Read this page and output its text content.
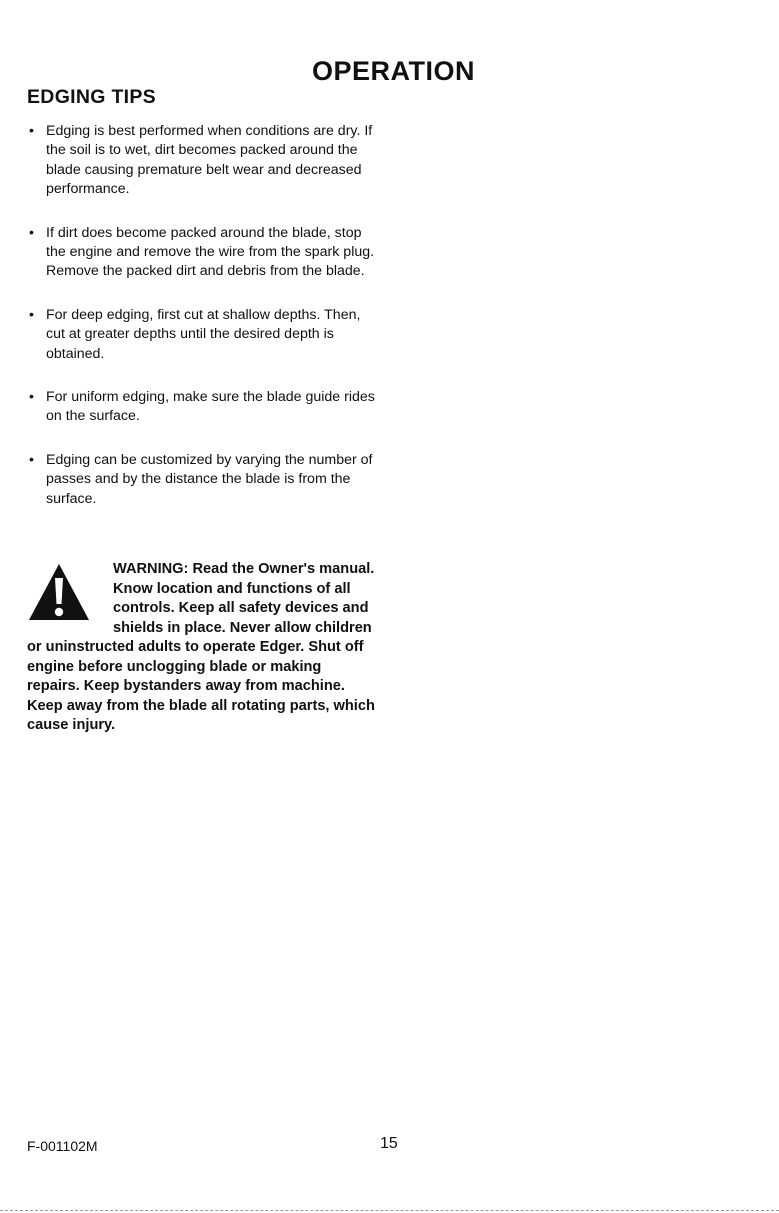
OPERATION
EDGING TIPS
• Edging is best performed when conditions are dry. If the soil is to wet, dirt becomes packed around the blade causing premature belt wear and decreased performance.
• If dirt does become packed around the blade, stop the engine and remove the wire from the spark plug. Remove the packed dirt and debris from the blade.
• For deep edging, first cut at shallow depths. Then, cut at greater depths until the desired depth is obtained.
• For uniform edging, make sure the blade guide rides on the surface.
• Edging can be customized by varying the number of passes and by the distance the blade is from the surface.
WARNING: Read the Owner's manual. Know location and functions of all controls. Keep all safety devices and shields in place. Never allow children or uninstructed adults to operate Edger. Shut off engine before unclogging blade or making repairs. Keep bystanders away from machine. Keep away from the blade all rotating parts, which cause injury.
F-001102M	15
